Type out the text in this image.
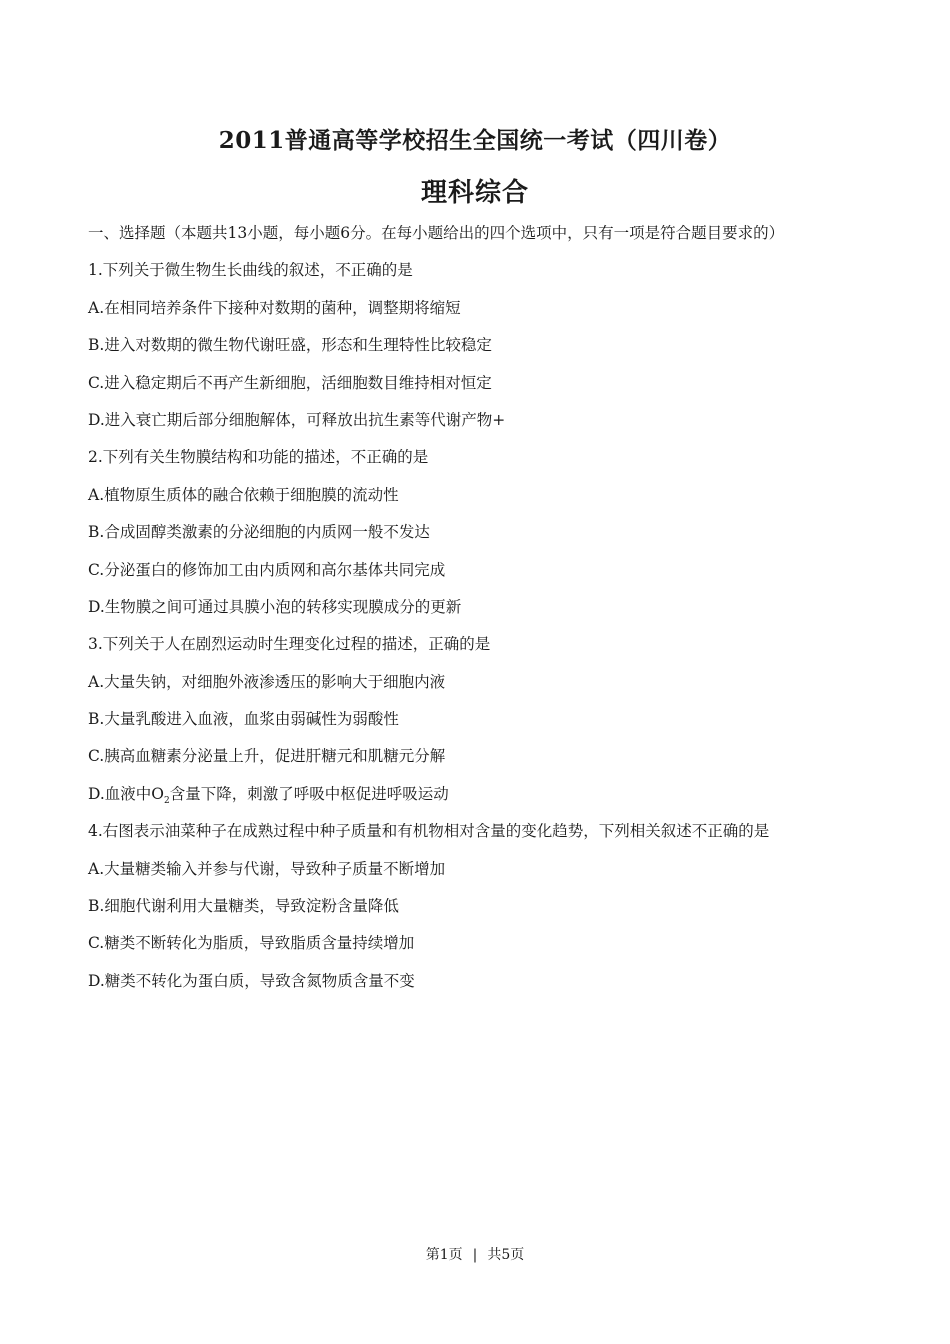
2011普通高等学校招生全国统一考试（四川卷）
理科综合
一、选择题（本题共13小题，每小题6分。在每小题给出的四个选项中，只有一项是符合题目要求的）
1.下列关于微生物生长曲线的叙述，不正确的是
A.在相同培养条件下接种对数期的菌种，调整期将缩短
B.进入对数期的微生物代谢旺盛，形态和生理特性比较稳定
C.进入稳定期后不再产生新细胞，活细胞数目维持相对恒定
D.进入衰亡期后部分细胞解体，可释放出抗生素等代谢产物+
2.下列有关生物膜结构和功能的描述，不正确的是
A.植物原生质体的融合依赖于细胞膜的流动性
B.合成固醇类激素的分泌细胞的内质网一般不发达
C.分泌蛋白的修饰加工由内质网和高尔基体共同完成
D.生物膜之间可通过具膜小泡的转移实现膜成分的更新
3.下列关于人在剧烈运动时生理变化过程的描述，正确的是
A.大量失钠，对细胞外液渗透压的影响大于细胞内液
B.大量乳酸进入血液，血浆由弱碱性为弱酸性
C.胰高血糖素分泌量上升，促进肝糖元和肌糖元分解
D.血液中$O_2$含量下降，刺激了呼吸中枢促进呼吸运动
4.右图表示油菜种子在成熟过程中种子质量和有机物相对含量的变化趋势，下列相关叙述不正确的是
A.大量糖类输入并参与代谢，导致种子质量不断增加
B.细胞代谢利用大量糖类，导致淀粉含量降低
C.糖类不断转化为脂质，导致脂质含量持续增加
D.糖类不转化为蛋白质，导致含氮物质含量不变
第1页 | 共5页
